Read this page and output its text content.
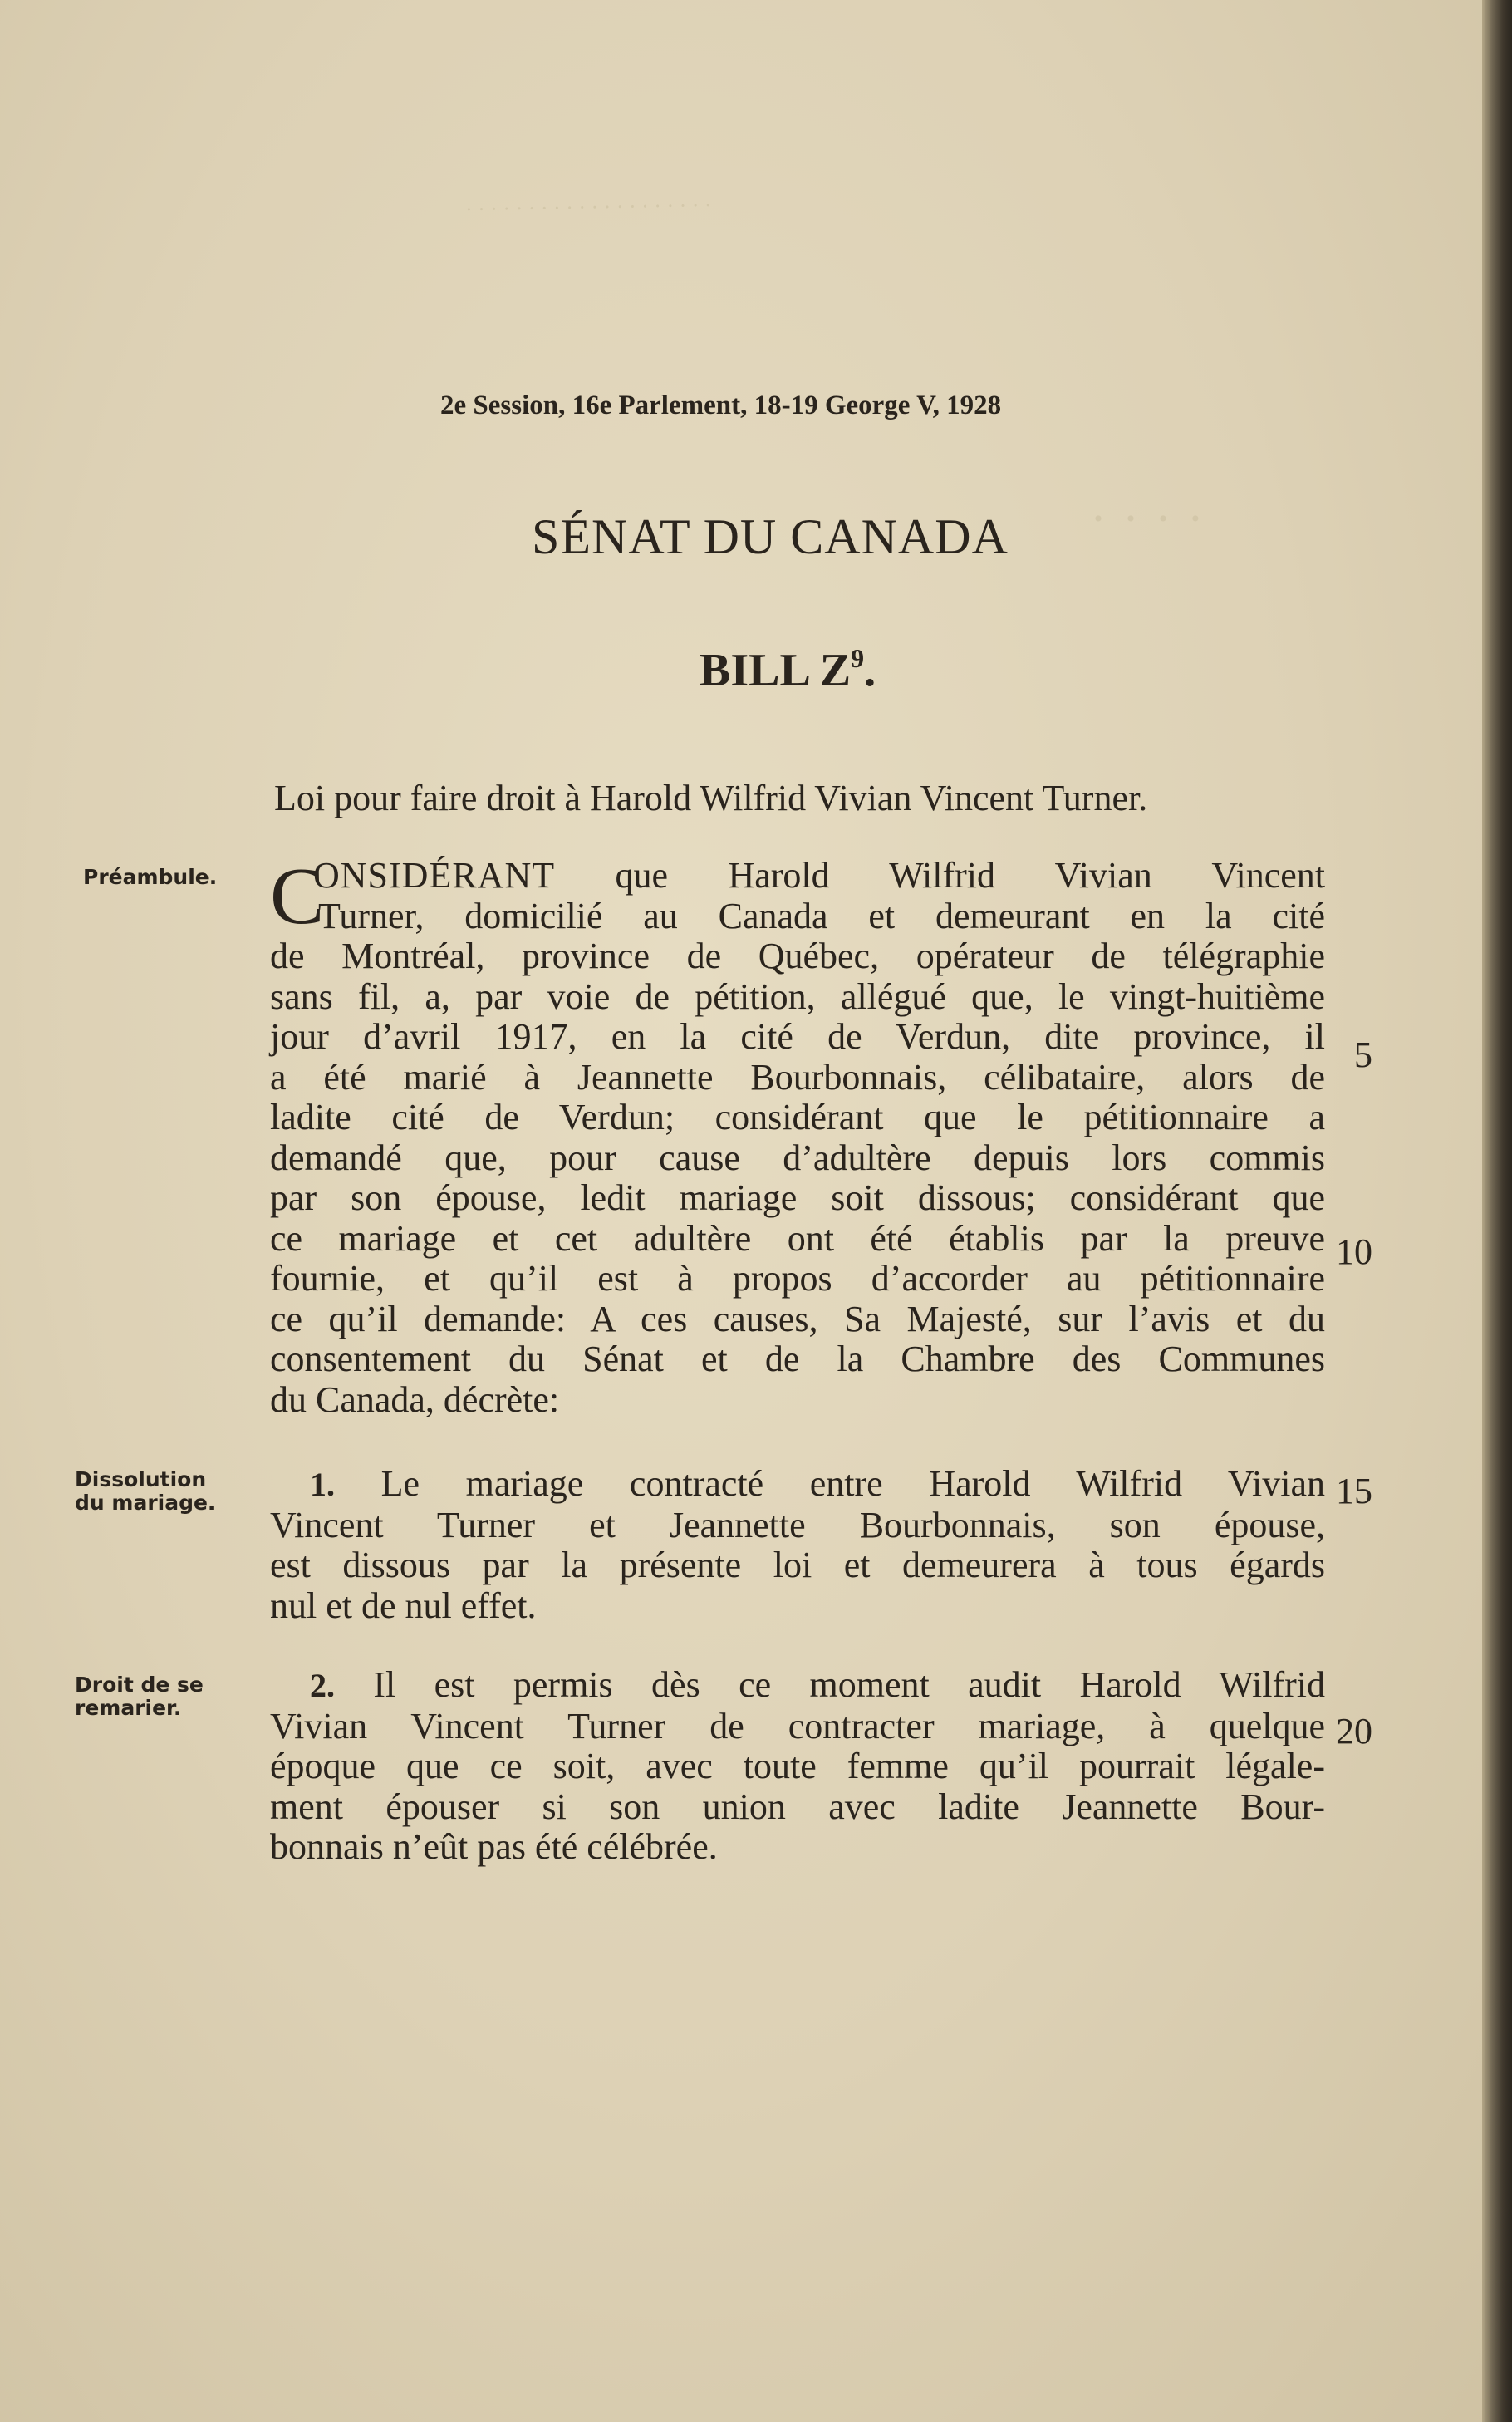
· · · · · · · · · · · · · · · · · · · ·
· · · ·
2e Session, 16e Parlement, 18-19 George V, 1928
SÉNAT DU CANADA
BILL $Z^9$.
Loi pour faire droit à Harold Wilfrid Vivian Vincent Turner.
Préambule.
Dissolution
du mariage.
Droit de se
remarier.
C
ONSIDÉRANT que Harold Wilfrid Vivian Vincent
Turner, domicilié au Canada et demeurant en la cité
de Montréal, province de Québec, opérateur de télégraphie
sans fil, a, par voie de pétition, allégué que, le vingt-huitième
jour d’avril 1917, en la cité de Verdun, dite province, il
a été marié à Jeannette Bourbonnais, célibataire, alors de
ladite cité de Verdun; considérant que le pétitionnaire a
demandé que, pour cause d’adultère depuis lors commis
par son épouse, ledit mariage soit dissous; considérant que
ce mariage et cet adultère ont été établis par la preuve
fournie, et qu’il est à propos d’accorder au pétitionnaire
ce qu’il demande: A ces causes, Sa Majesté, sur l’avis et du
consentement du Sénat et de la Chambre des Communes
du Canada, décrète:
1. Le mariage contracté entre Harold Wilfrid Vivian
Vincent Turner et Jeannette Bourbonnais, son épouse,
est dissous par la présente loi et demeurera à tous égards
nul et de nul effet.
2. Il est permis dès ce moment audit Harold Wilfrid
Vivian Vincent Turner de contracter mariage, à quelque
époque que ce soit, avec toute femme qu’il pourrait légale-
ment épouser si son union avec ladite Jeannette Bour-
bonnais n’eût pas été célébrée.
5
10
15
20
